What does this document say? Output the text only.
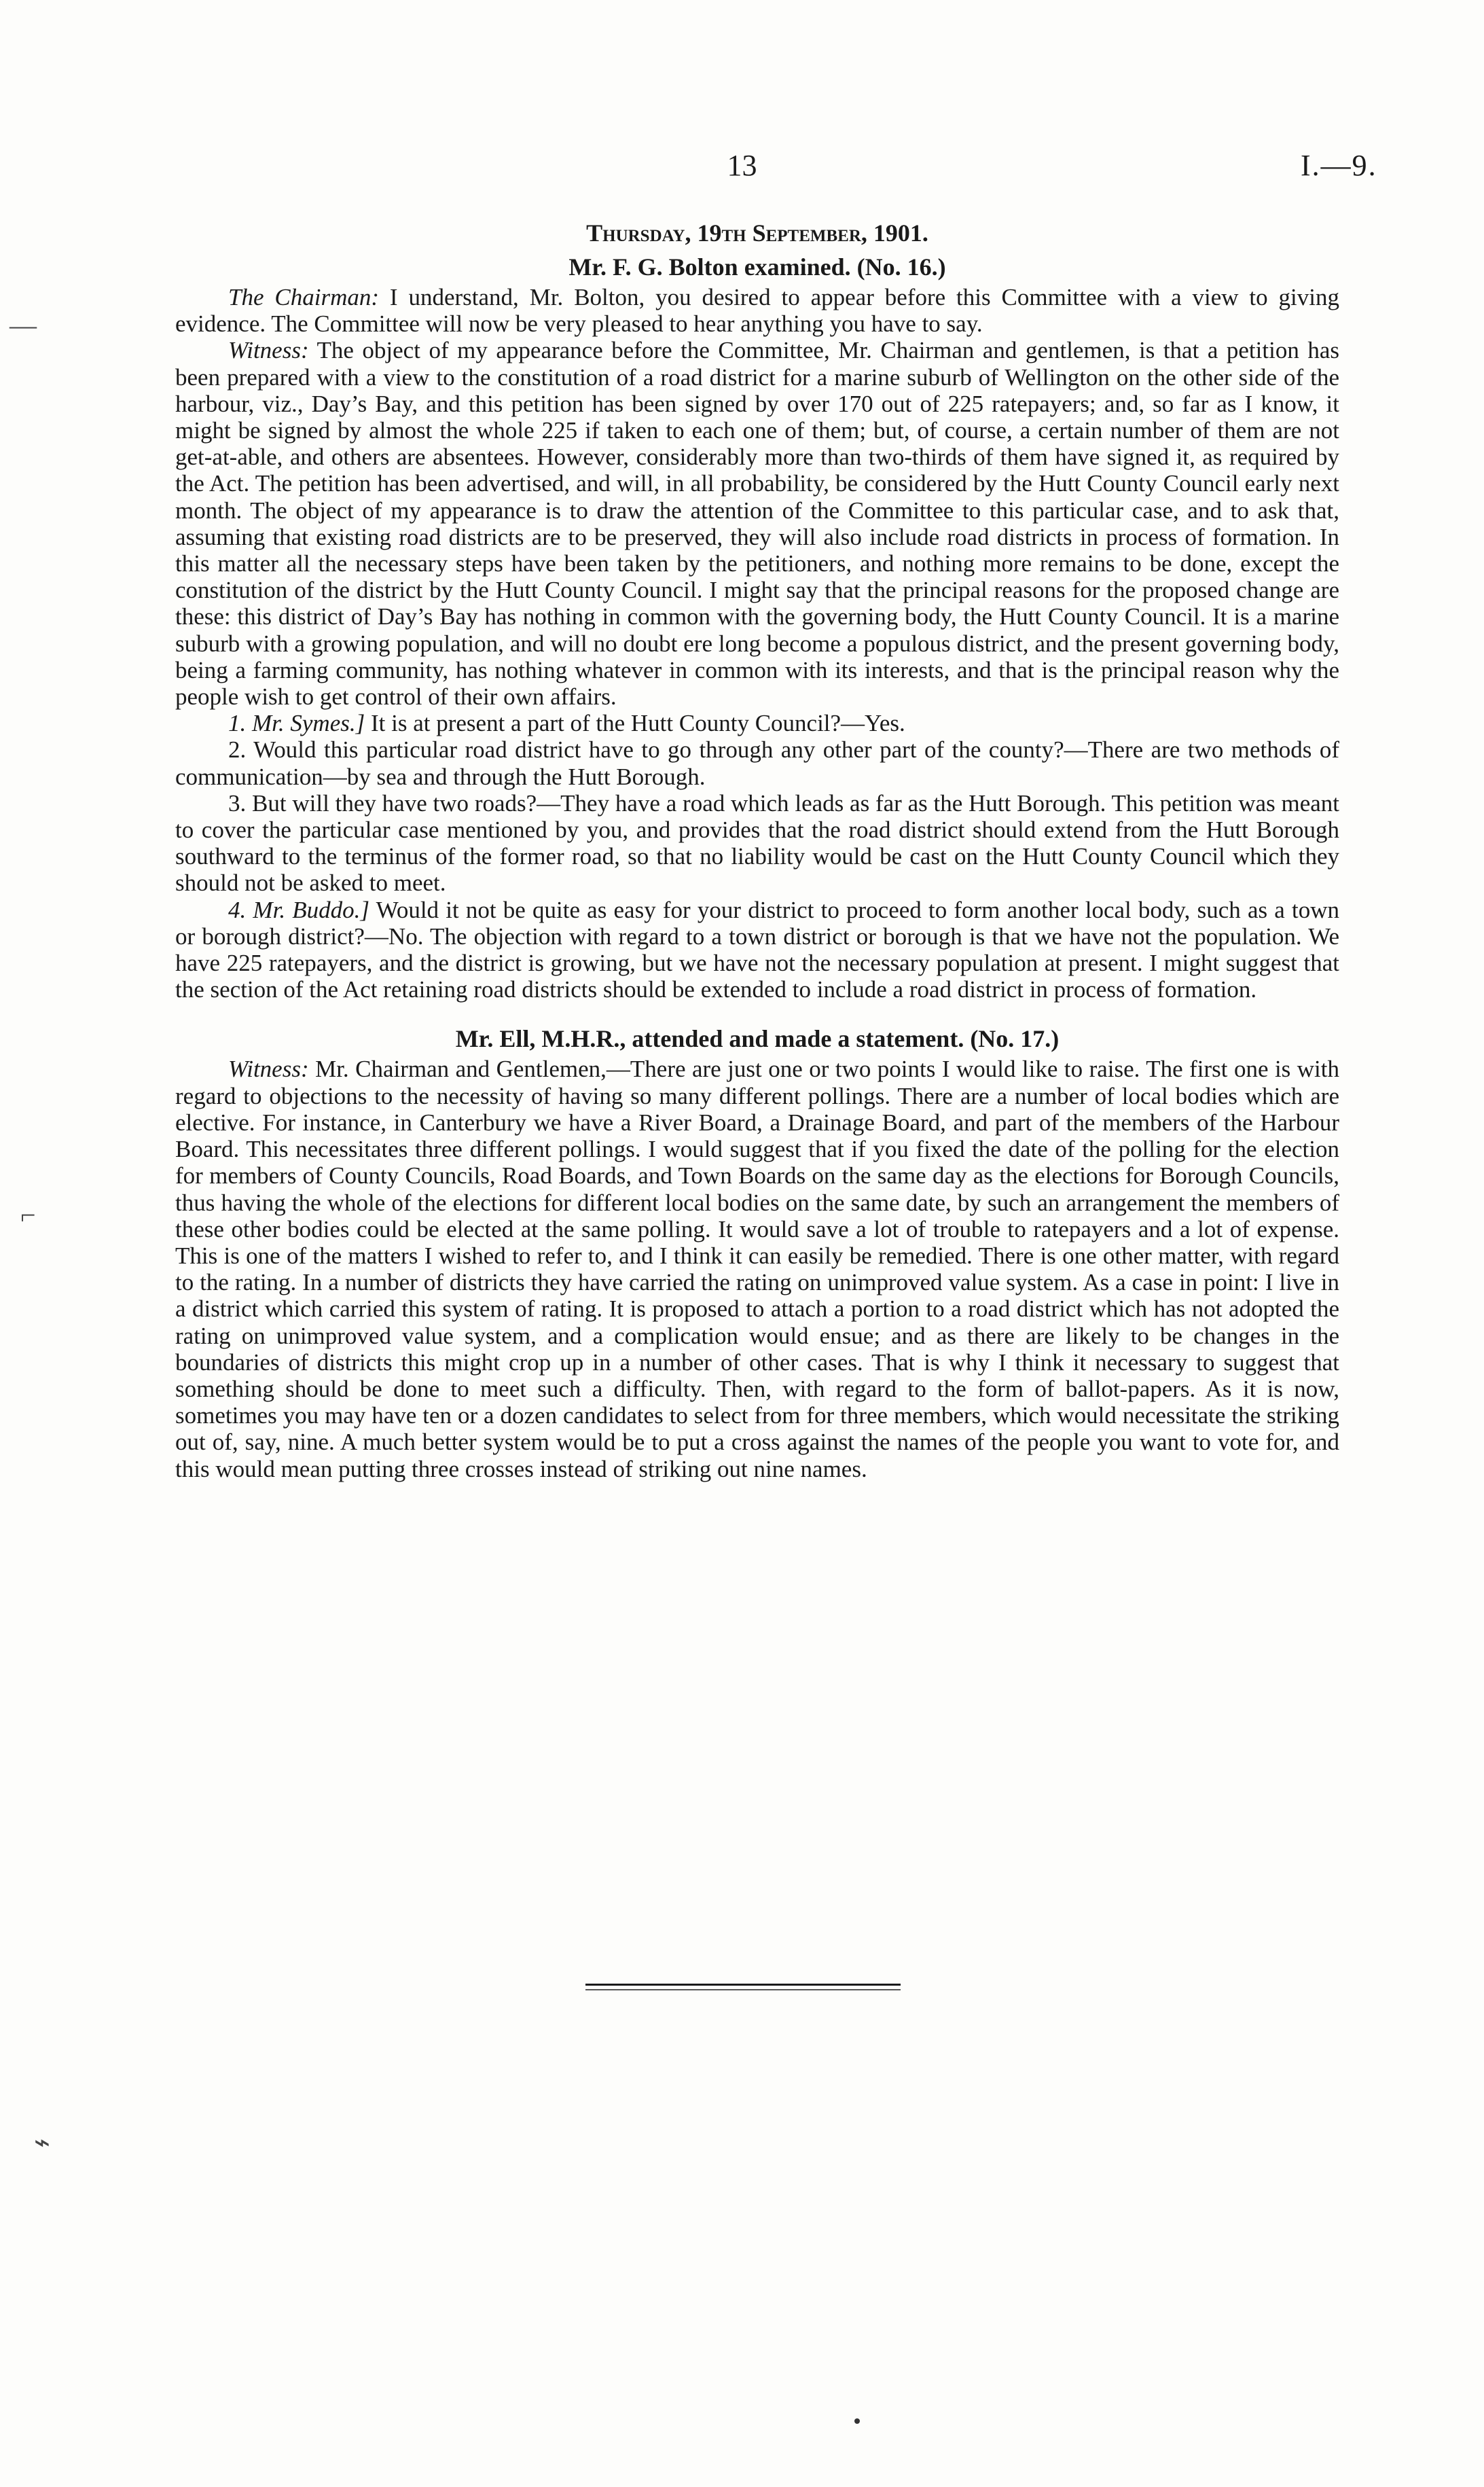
13	I.—9.
—
⌐
⌁
Thursday, 19th September, 1901.
Mr. F. G. Bolton examined. (No. 16.)

The Chairman: I understand, Mr. Bolton, you desired to appear before this Committee with a view to giving evidence. The Committee will now be very pleased to hear anything you have to say.

Witness: The object of my appearance before the Committee, Mr. Chairman and gentlemen, is that a petition has been prepared with a view to the constitution of a road district for a marine suburb of Wellington on the other side of the harbour, viz., Day’s Bay, and this petition has been signed by over 170 out of 225 ratepayers; and, so far as I know, it might be signed by almost the whole 225 if taken to each one of them; but, of course, a certain number of them are not get-at-able, and others are absentees. However, considerably more than two-thirds of them have signed it, as required by the Act. The petition has been advertised, and will, in all probability, be considered by the Hutt County Council early next month. The object of my appearance is to draw the attention of the Committee to this particular case, and to ask that, assuming that existing road districts are to be preserved, they will also include road districts in process of formation. In this matter all the necessary steps have been taken by the petitioners, and nothing more remains to be done, except the constitution of the district by the Hutt County Council. I might say that the principal reasons for the proposed change are these: this district of Day’s Bay has nothing in common with the governing body, the Hutt County Council. It is a marine suburb with a growing population, and will no doubt ere long become a populous district, and the present governing body, being a farming community, has nothing whatever in common with its interests, and that is the principal reason why the people wish to get control of their own affairs.

1. Mr. Symes.] It is at present a part of the Hutt County Council?—Yes.

2. Would this particular road district have to go through any other part of the county?—There are two methods of communication—by sea and through the Hutt Borough.

3. But will they have two roads?—They have a road which leads as far as the Hutt Borough. This petition was meant to cover the particular case mentioned by you, and provides that the road district should extend from the Hutt Borough southward to the terminus of the former road, so that no liability would be cast on the Hutt County Council which they should not be asked to meet.

4. Mr. Buddo.] Would it not be quite as easy for your district to proceed to form another local body, such as a town or borough district?—No. The objection with regard to a town district or borough is that we have not the population. We have 225 ratepayers, and the district is growing, but we have not the necessary population at present. I might suggest that the section of the Act retaining road districts should be extended to include a road district in process of formation.

Mr. Ell, M.H.R., attended and made a statement. (No. 17.)

Witness: Mr. Chairman and Gentlemen,—There are just one or two points I would like to raise. The first one is with regard to objections to the necessity of having so many different pollings. There are a number of local bodies which are elective. For instance, in Canterbury we have a River Board, a Drainage Board, and part of the members of the Harbour Board. This necessitates three different pollings. I would suggest that if you fixed the date of the polling for the election for members of County Councils, Road Boards, and Town Boards on the same day as the elections for Borough Councils, thus having the whole of the elections for different local bodies on the same date, by such an arrangement the members of these other bodies could be elected at the same polling. It would save a lot of trouble to ratepayers and a lot of expense. This is one of the matters I wished to refer to, and I think it can easily be remedied. There is one other matter, with regard to the rating. In a number of districts they have carried the rating on unimproved value system. As a case in point: I live in a district which carried this system of rating. It is proposed to attach a portion to a road district which has not adopted the rating on unimproved value system, and a complication would ensue; and as there are likely to be changes in the boundaries of districts this might crop up in a number of other cases. That is why I think it necessary to suggest that something should be done to meet such a difficulty. Then, with regard to the form of ballot-papers. As it is now, sometimes you may have ten or a dozen candidates to select from for three members, which would necessitate the striking out of, say, nine. A much better system would be to put a cross against the names of the people you want to vote for, and this would mean putting three crosses instead of striking out nine names.
